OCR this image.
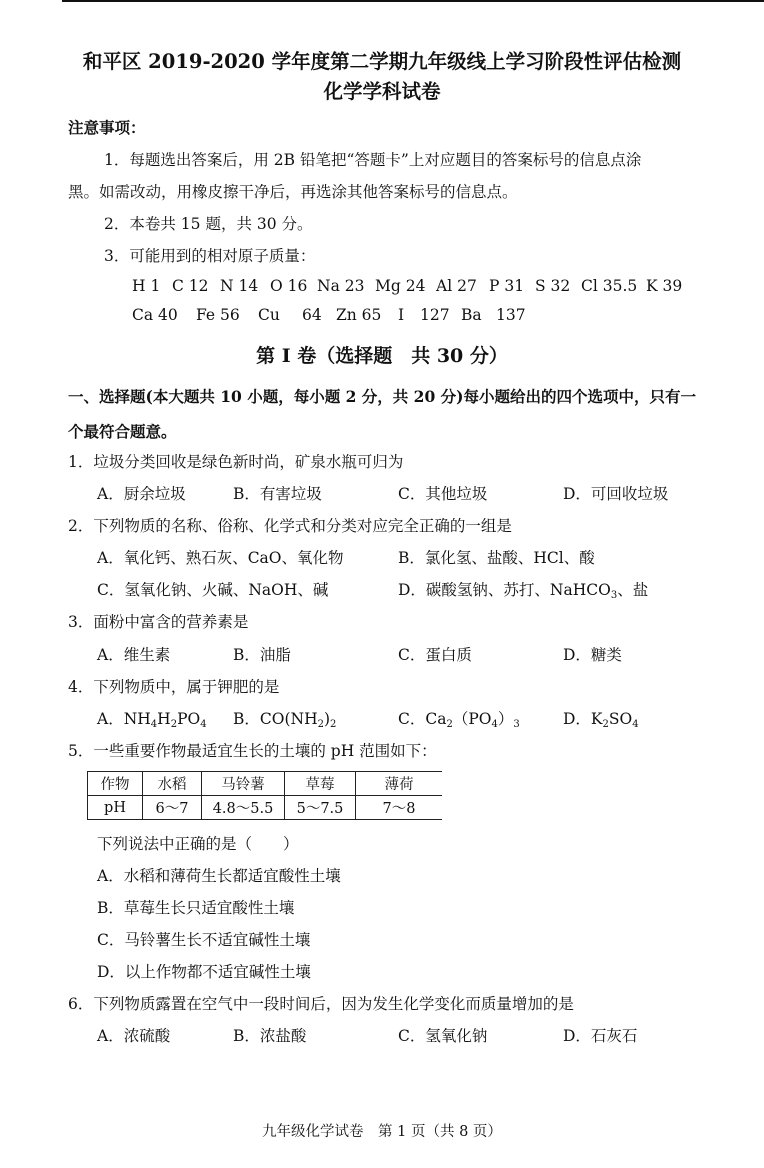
和平区 2019-2020 学年度第二学期九年级线上学习阶段性评估检测
化学学科试卷
注意事项：
1．每题选出答案后，用 2B 铅笔把“答题卡”上对应题目的答案标号的信息点涂
黑。如需改动，用橡皮擦干净后，再选涂其他答案标号的信息点。
2．本卷共 15 题，共 30 分。
3．可能用到的相对原子质量：
H 1 C 12 N 14 O 16 Na 23 Mg 24 Al 27 P 31 S 32 Cl 35.5 K 39
Ca 40 Fe 56 Cu 64 Zn 65 I 127 Ba 137
第 I 卷（选择题　共 30 分）
一、选择题(本大题共 10 小题，每小题 2 分，共 20 分)每小题给出的四个选项中，只有一
个最符合题意。
1．垃圾分类回收是绿色新时尚，矿泉水瓶可归为
A．厨余垃圾	B．有害垃圾	C．其他垃圾	D．可回收垃圾
2．下列物质的名称、俗称、化学式和分类对应完全正确的一组是
A．氧化钙、熟石灰、CaO、氧化物	B．氯化氢、盐酸、HCl、酸
C．氢氧化钠、火碱、NaOH、碱	D．碳酸氢钠、苏打、NaHCO$_3$、盐
3．面粉中富含的营养素是
A．维生素	B．油脂	C．蛋白质	D．糖类
4．下列物质中，属于钾肥的是
A．$NH_4H_2PO_4$ B．$CO(NH_2)_2$	C．$Ca_2(PO_4)_3$	D．$K_2SO_4$
5．一些重要作物最适宜生长的土壤的 pH 范围如下：
作物	水稻	马铃薯	草莓	薄荷
pH	6～7	4.8～5.5	5～7.5	7～8
下列说法中正确的是（　　）
A．水稻和薄荷生长都适宜酸性土壤
B．草莓生长只适宜酸性土壤
C．马铃薯生长不适宜碱性土壤
D．以上作物都不适宜碱性土壤
6．下列物质露置在空气中一段时间后，因为发生化学变化而质量增加的是
A．浓硫酸	B．浓盐酸	C．氢氧化钠	D．石灰石
九年级化学试卷　第 1 页（共 8 页）
